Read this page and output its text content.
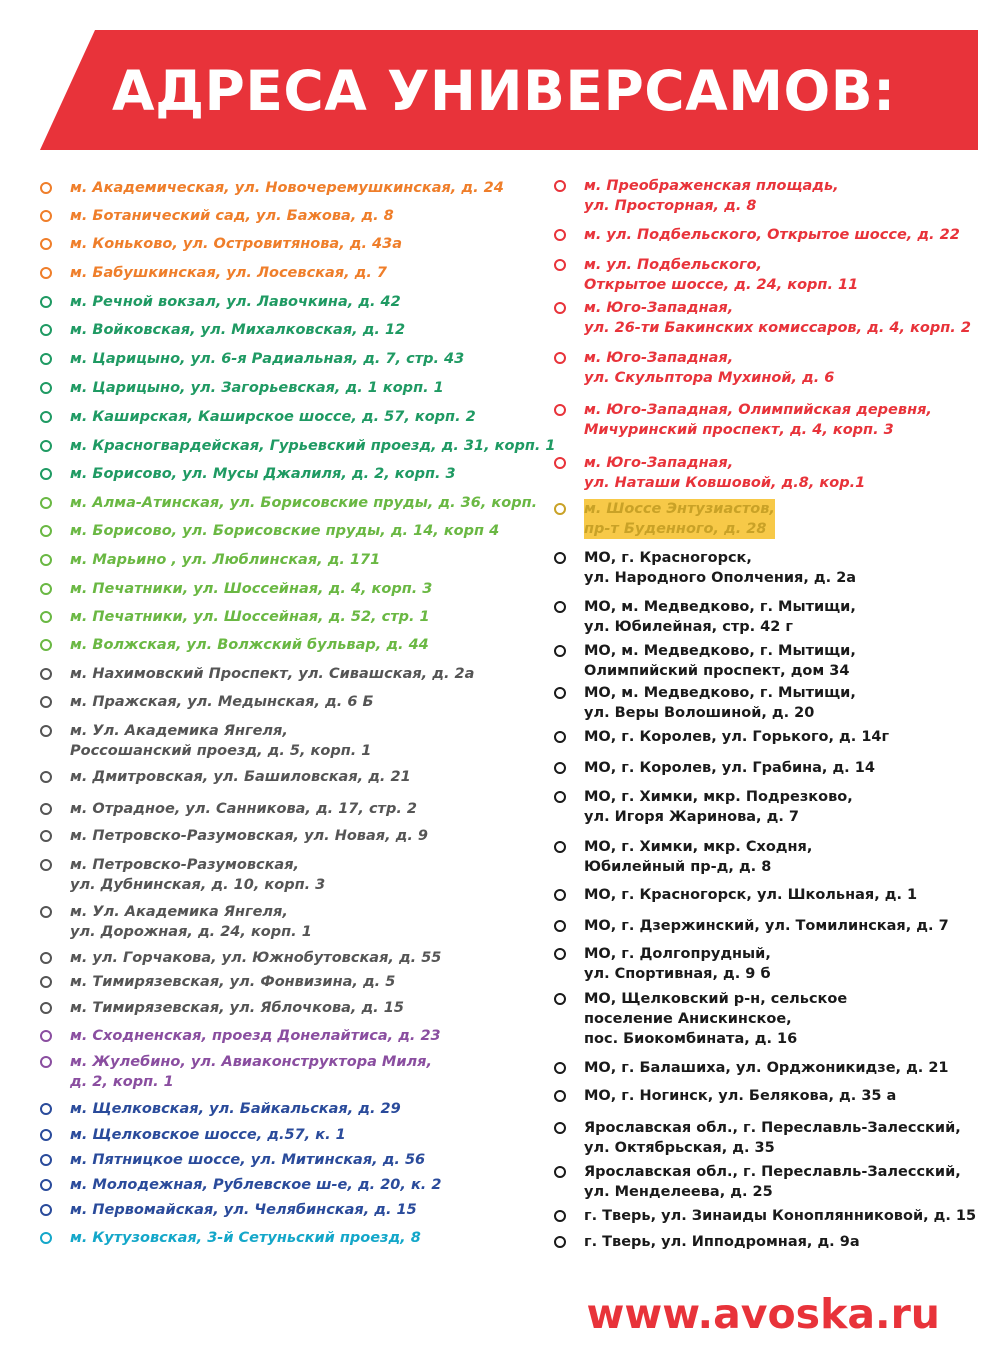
АДРЕСА УНИВЕРСАМОВ:
м. Академическая, ул. Новочеремушкинская, д. 24
м. Ботанический сад, ул. Бажова, д. 8
м. Коньково, ул. Островитянова, д. 43а
м. Бабушкинская, ул. Лосевская, д. 7
м. Речной вокзал, ул. Лавочкина, д. 42
м. Войковская, ул. Михалковская, д. 12
м. Царицыно, ул. 6-я Радиальная, д. 7, стр. 43
м. Царицыно, ул. Загорьевская, д. 1 корп. 1
м. Каширская, Каширское шоссе, д. 57, корп. 2
м. Красногвардейская, Гурьевский проезд, д. 31, корп. 1
м. Борисово, ул. Мусы Джалиля, д. 2, корп. 3
м. Алма-Атинская, ул. Борисовские пруды, д. 36, корп.
м. Борисово, ул. Борисовские пруды, д. 14, корп 4
м. Марьино , ул. Люблинская, д. 171
м. Печатники, ул. Шоссейная, д. 4, корп. 3
м. Печатники, ул. Шоссейная, д. 52, стр. 1
м. Волжская, ул. Волжский бульвар, д. 44
м. Нахимовский Проспект, ул. Сивашская, д. 2а
м. Пражская, ул. Медынская, д. 6 Б
м. Ул. Академика Янгеля,
Россошанский проезд, д. 5, корп. 1
м. Дмитровская, ул. Башиловская, д. 21
м. Отрадное, ул. Санникова, д. 17, стр. 2
м. Петровско-Разумовская, ул. Новая, д. 9
м. Петровско-Разумовская,
ул. Дубнинская, д. 10, корп. 3
м. Ул. Академика Янгеля,
ул. Дорожная, д. 24, корп. 1
м. ул. Горчакова, ул. Южнобутовская, д. 55
м. Тимирязевская, ул. Фонвизина, д. 5
м. Тимирязевская, ул. Яблочкова, д. 15
м. Сходненская, проезд Донелайтиса, д. 23
м. Жулебино, ул. Авиаконструктора Миля,
д. 2, корп. 1
м. Щелковская, ул. Байкальская, д. 29
м. Щелковское шоссе, д.57, к. 1
м. Пятницкое шоссе, ул. Митинская, д. 56
м. Молодежная, Рублевское ш-е, д. 20, к. 2
м. Первомайская, ул. Челябинская, д. 15
м. Кутузовская, 3-й Сетуньский проезд, 8
м. Преображенская площадь,
ул. Просторная, д. 8
м. ул. Подбельского, Открытое шоссе, д. 22
м. ул. Подбельского,
Открытое шоссе, д. 24, корп. 11
м. Юго-Западная,
ул. 26-ти Бакинских комиссаров, д. 4, корп. 2
м. Юго-Западная,
ул. Скульптора Мухиной, д. 6
м. Юго-Западная, Олимпийская деревня,
Мичуринский проспект, д. 4, корп. 3
м. Юго-Западная,
ул. Наташи Ковшовой, д.8, кор.1
м. Шоссе Энтузиастов,
пр-т Буденного, д. 28
МО, г. Красногорск,
ул. Народного Ополчения, д. 2а
МО, м. Медведково, г. Мытищи,
ул. Юбилейная, стр. 42 г
МО, м. Медведково, г. Мытищи,
Олимпийский проспект, дом 34
МО, м. Медведково, г. Мытищи,
ул. Веры Волошиной, д. 20
МО, г. Королев, ул. Горького, д. 14г
МО, г. Королев, ул. Грабина, д. 14
МО, г. Химки, мкр. Подрезково,
ул. Игоря Жаринова, д. 7
МО, г. Химки, мкр. Сходня,
Юбилейный пр-д, д. 8
МО, г. Красногорск, ул. Школьная, д. 1
МО, г. Дзержинский, ул. Томилинская, д. 7
МО, г. Долгопрудный,
ул. Спортивная, д. 9 б
МО, Щелковский р-н, сельское
поселение Анискинское,
пос. Биокомбината, д. 16
МО, г. Балашиха, ул. Орджоникидзе, д. 21
МО, г. Ногинск, ул. Белякова, д. 35 а
Ярославская обл., г. Переславль-Залесский,
ул. Октябрьская, д. 35
Ярославская обл., г. Переславль-Залесский,
ул. Менделеева, д. 25
г. Тверь, ул. Зинаиды Коноплянниковой, д. 15
г. Тверь, ул. Ипподромная, д. 9а
www.avoska.ru
